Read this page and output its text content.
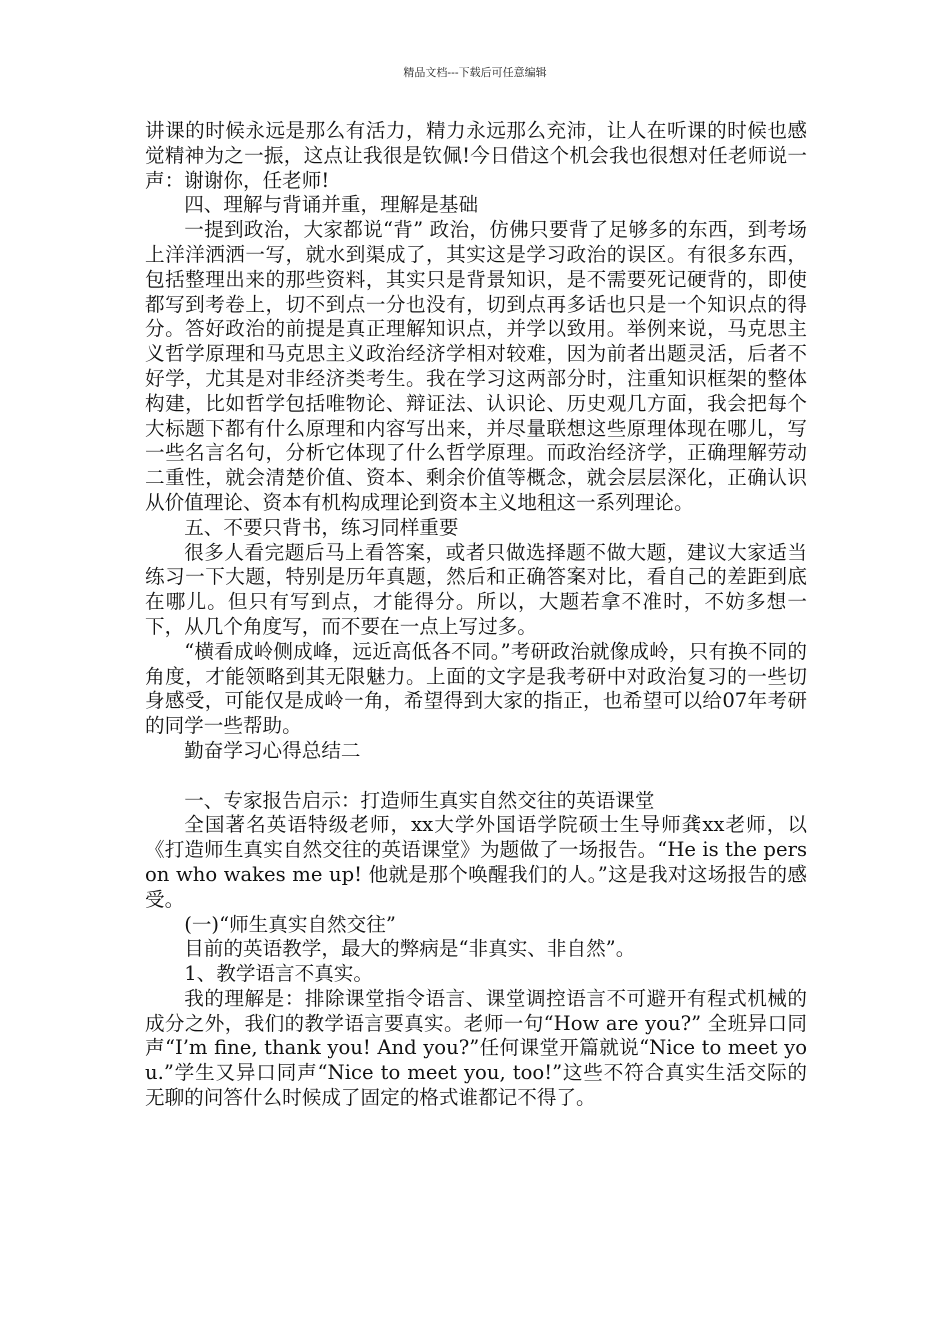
精品文档---下载后可任意编辑

讲课的时候永远是那么有活力，精力永远那么充沛，让人在听课的时候也感觉精神为之一振，这点让我很是钦佩!今日借这个机会我也很想对任老师说一声：谢谢你，任老师!

四、理解与背诵并重，理解是基础

一提到政治，大家都说“背” 政治，仿佛只要背了足够多的东西，到考场上洋洋洒洒一写，就水到渠成了，其实这是学习政治的误区。有很多东西，包括整理出来的那些资料，其实只是背景知识，是不需要死记硬背的，即使都写到考卷上，切不到点一分也没有，切到点再多话也只是一个知识点的得分。答好政治的前提是真正理解知识点，并学以致用。举例来说，马克思主义哲学原理和马克思主义政治经济学相对较难，因为前者出题灵活，后者不好学，尤其是对非经济类考生。我在学习这两部分时，注重知识框架的整体构建，比如哲学包括唯物论、辩证法、认识论、历史观几方面，我会把每个大标题下都有什么原理和内容写出来，并尽量联想这些原理体现在哪儿，写一些名言名句，分析它体现了什么哲学原理。而政治经济学，正确理解劳动二重性，就会清楚价值、资本、剩余价值等概念，就会层层深化，正确认识从价值理论、资本有机构成理论到资本主义地租这一系列理论。

五、不要只背书，练习同样重要

很多人看完题后马上看答案，或者只做选择题不做大题，建议大家适当练习一下大题，特别是历年真题，然后和正确答案对比，看自己的差距到底在哪儿。但只有写到点，才能得分。所以，大题若拿不准时，不妨多想一下，从几个角度写，而不要在一点上写过多。

“横看成岭侧成峰，远近高低各不同。”考研政治就像成岭，只有换不同的角度，才能领略到其无限魅力。上面的文字是我考研中对政治复习的一些切身感受，可能仅是成岭一角，希望得到大家的指正，也希望可以给07年考研的同学一些帮助。

勤奋学习心得总结二

一、专家报告启示：打造师生真实自然交往的英语课堂

全国著名英语特级老师，xx大学外国语学院硕士生导师龚xx老师，以《打造师生真实自然交往的英语课堂》为题做了一场报告。“He is the person who wakes me up! 他就是那个唤醒我们的人。”这是我对这场报告的感受。

(一)“师生真实自然交往”

目前的英语教学，最大的弊病是“非真实、非自然”。

1、教学语言不真实。

我的理解是：排除课堂指令语言、课堂调控语言不可避开有程式机械的成分之外，我们的教学语言要真实。老师一句“How are you?” 全班异口同声“I’m fine, thank you! And you?”任何课堂开篇就说“Nice to meet you.”学生又异口同声“Nice to meet you, too!”这些不符合真实生活交际的无聊的问答什么时候成了固定的格式谁都记不得了。
